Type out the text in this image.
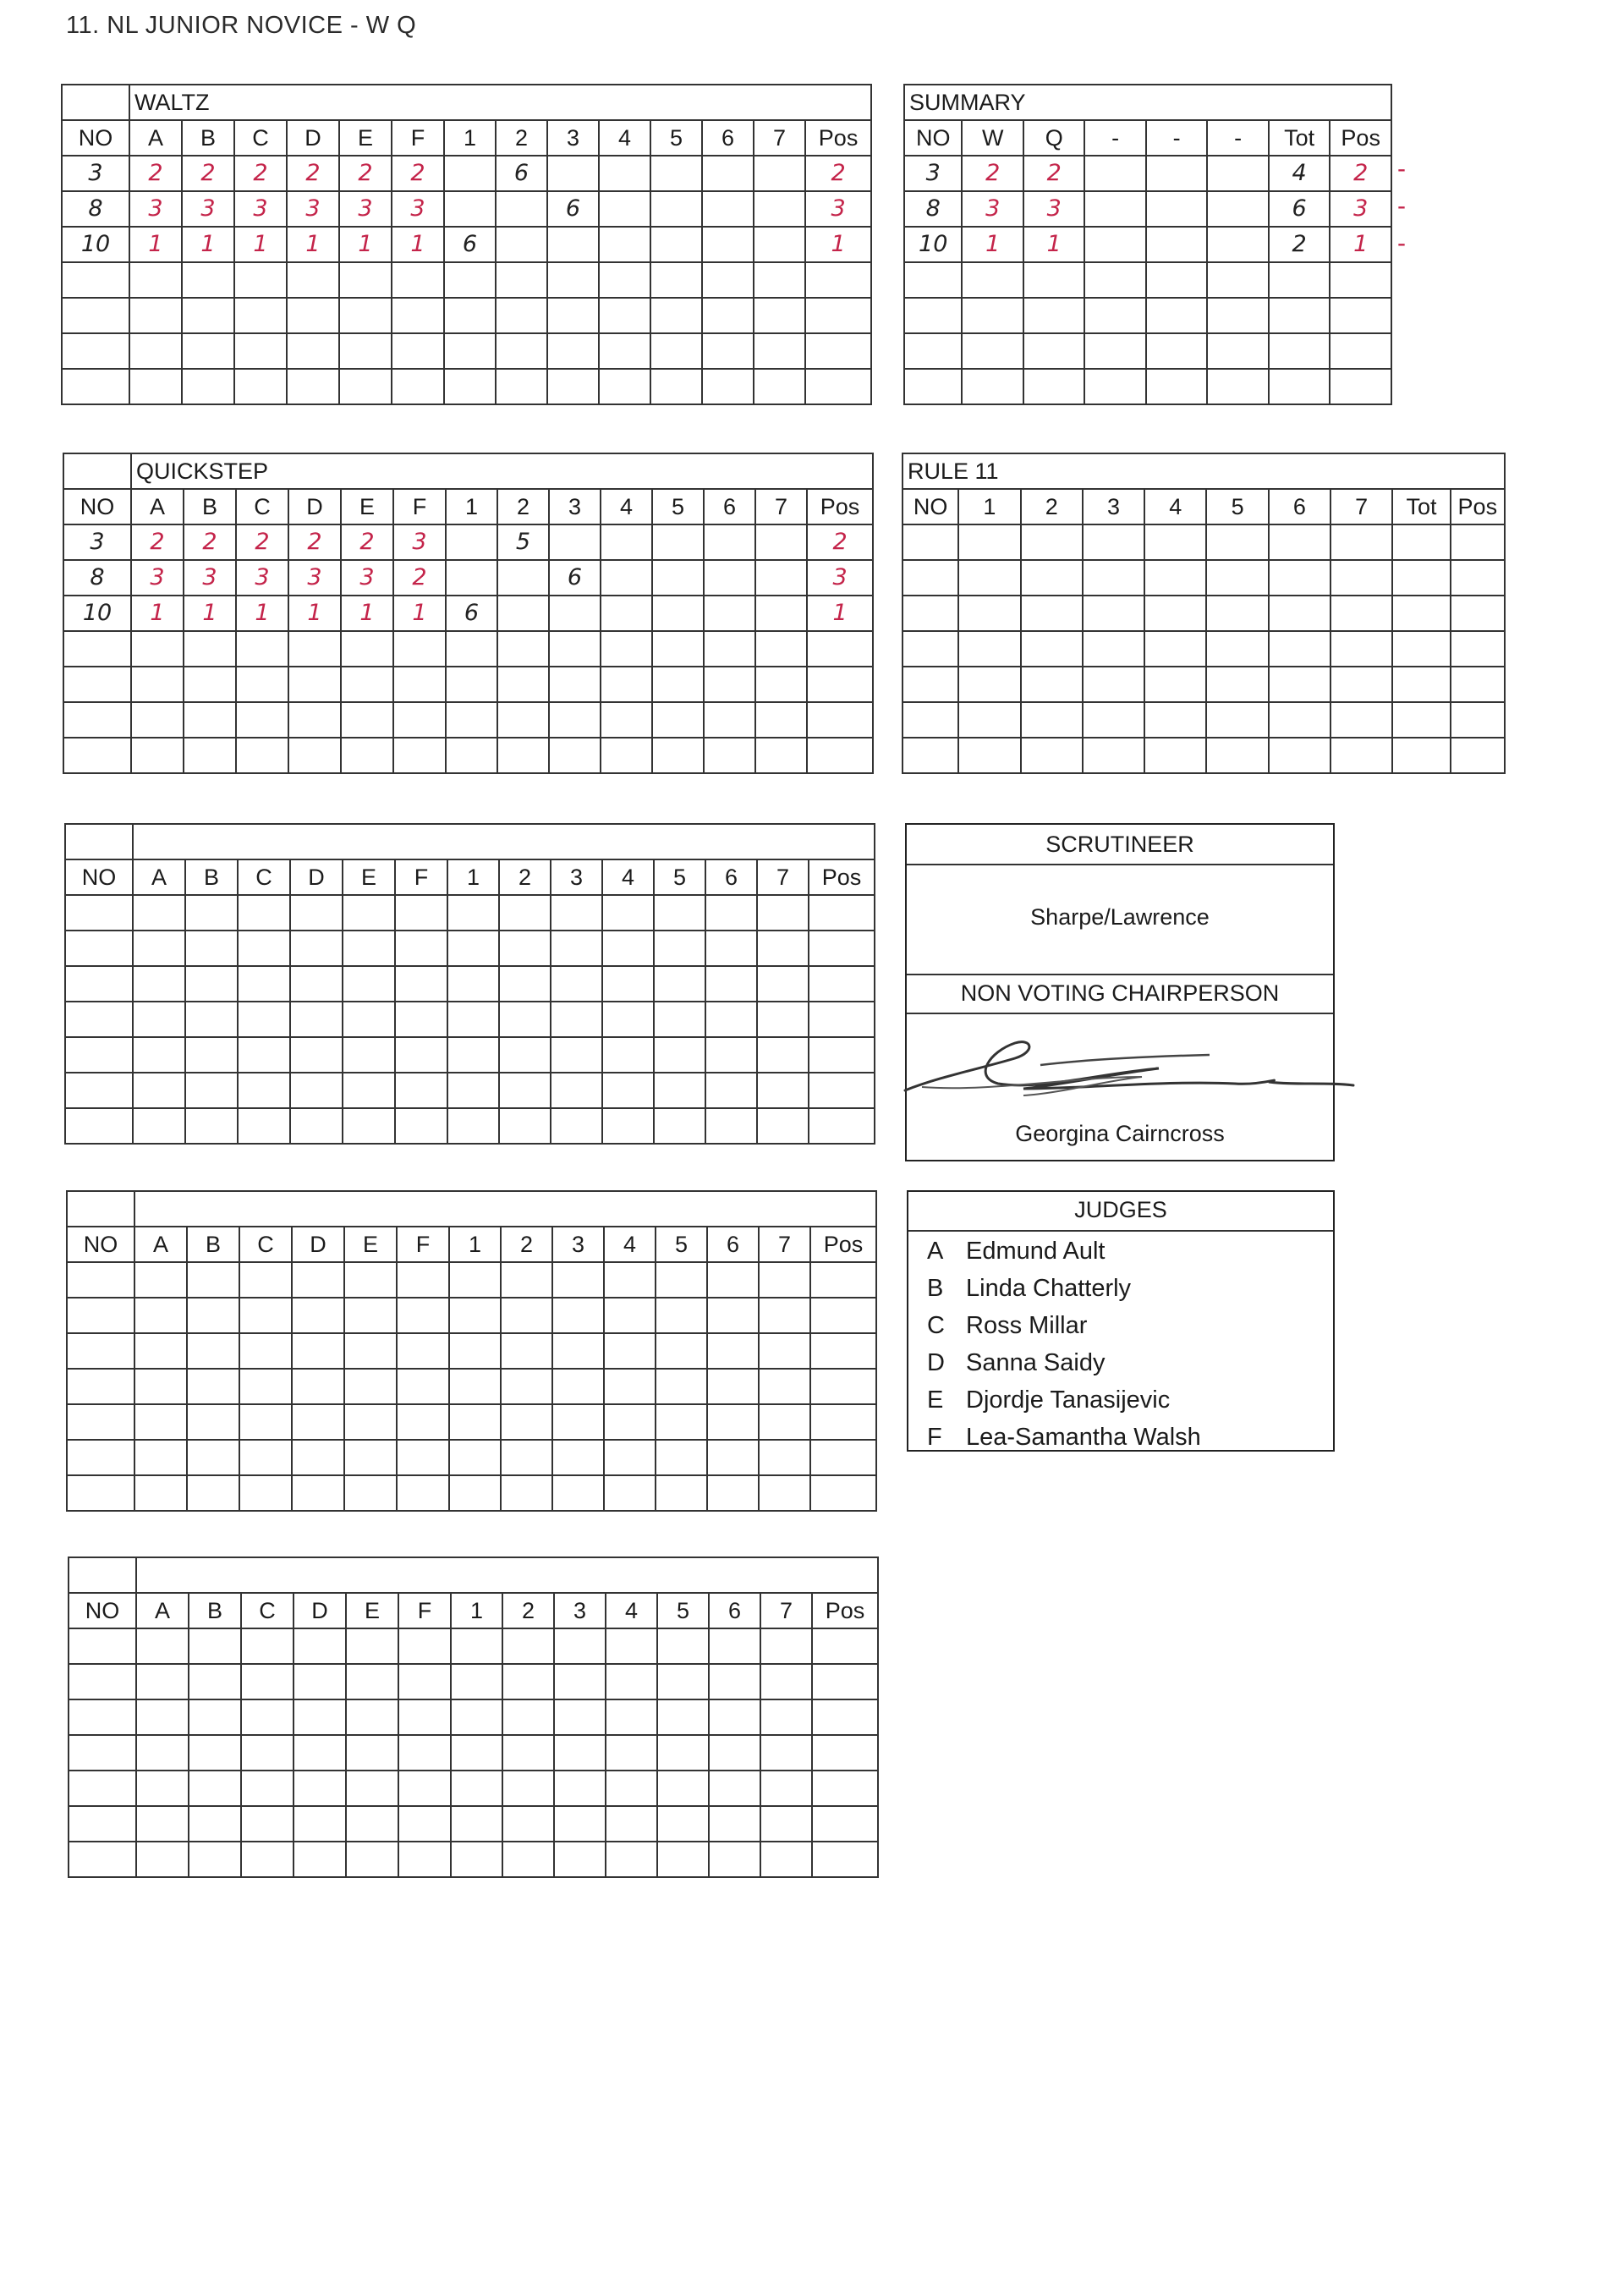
11. NL JUNIOR NOVICE - W Q
	WALTZ													
NO	A	B	C	D	E	F	1	2	3	4	5	6	7	Pos
3	2	2	2	2	2	2		6						2
8	3	3	3	3	3	3			6					3
10	1	1	1	1	1	1	6							1

	QUICKSTEP													
NO	A	B	C	D	E	F	1	2	3	4	5	6	7	Pos
3	2	2	2	2	2	3		5						2
8	3	3	3	3	3	2			6					3
10	1	1	1	1	1	1	6							1

NO	A	B	C	D	E	F	1	2	3	4	5	6	7	Pos

NO	A	B	C	D	E	F	1	2	3	4	5	6	7	Pos

NO	A	B	C	D	E	F	1	2	3	4	5	6	7	Pos

SUMMARY							
NO	W	Q	-	-	-	Tot	Pos
3	2	2				4	2
8	3	3				6	3
10	1	1				2	1

RULE 11									
NO	1	2	3	4	5	6	7	Tot	Pos

SCRUTINEER
Sharpe/Lawrence
NON VOTING CHAIRPERSON
Georgina Cairncross
JUDGES
A Edmund Ault
B Linda Chatterly
C Ross Millar
D Sanna Saidy
E Djordje Tanasijevic
F Lea-Samantha Walsh
-
-
-
